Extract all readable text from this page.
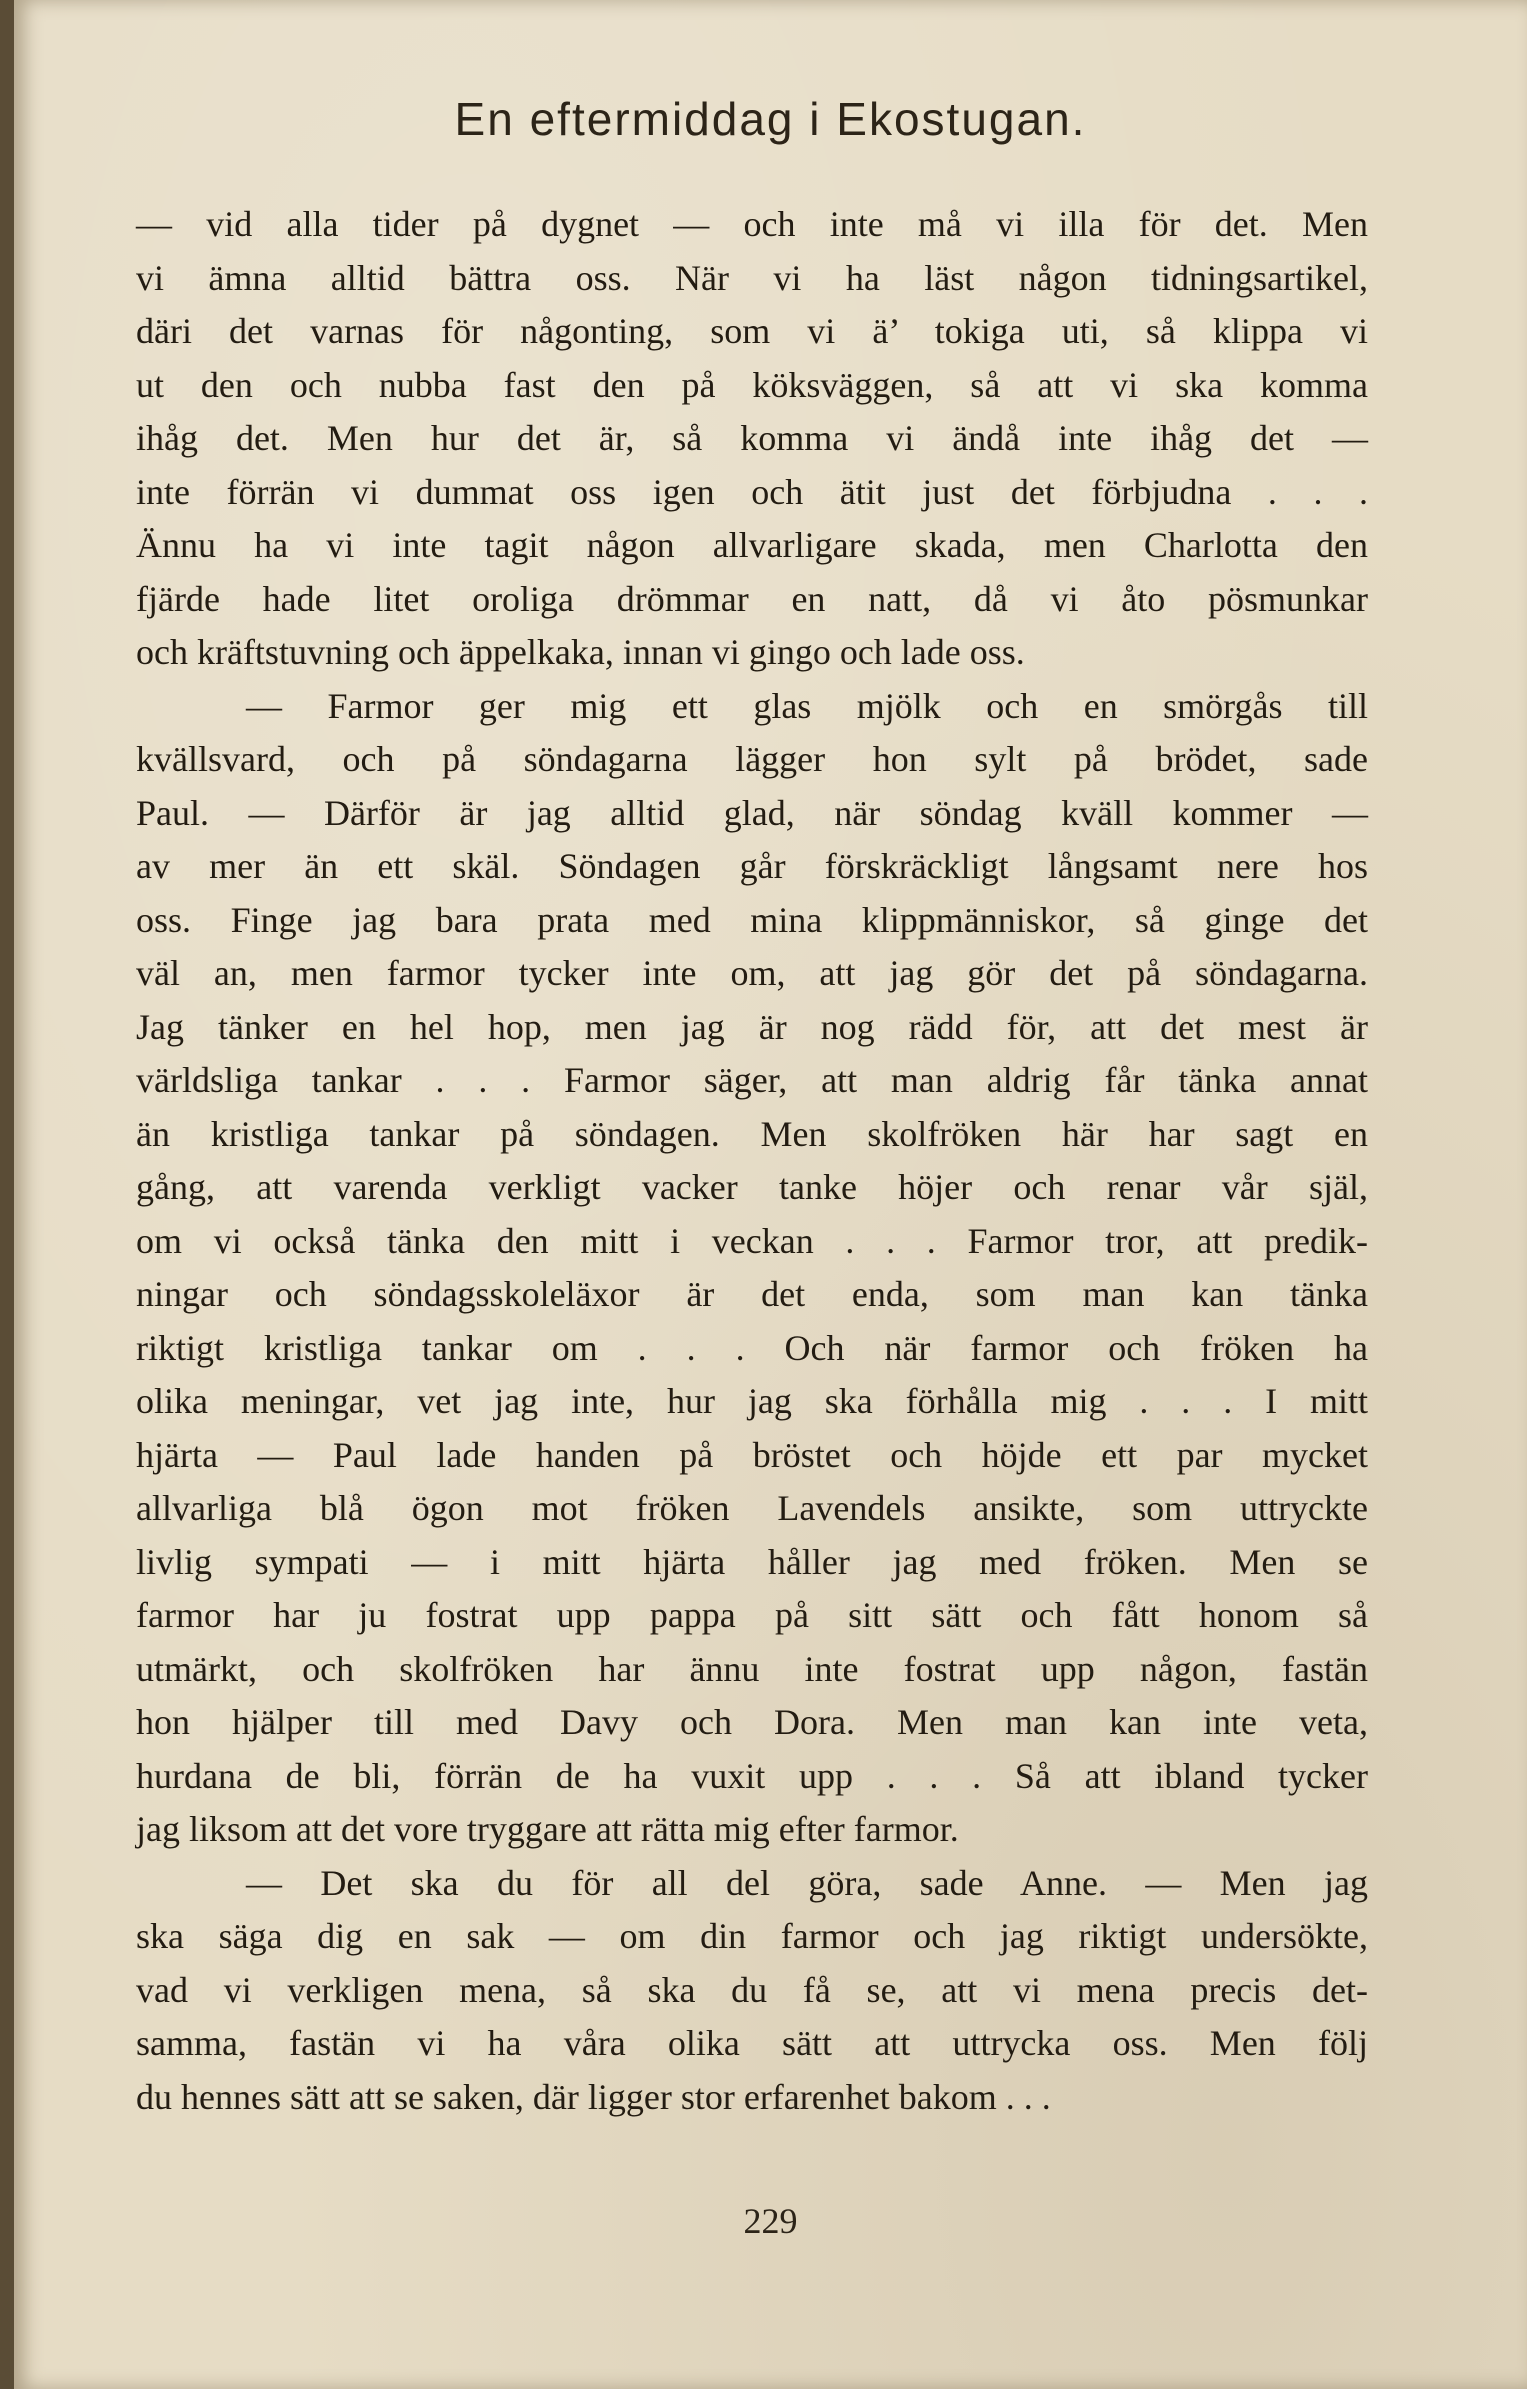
En eftermiddag i Ekostugan.
— vid alla tider på dygnet — och inte må vi illa för det. Men
vi ämna alltid bättra oss. När vi ha läst någon tidningsartikel,
däri det varnas för någonting, som vi ä’ tokiga uti, så klippa vi
ut den och nubba fast den på köksväggen, så att vi ska komma
ihåg det. Men hur det är, så komma vi ändå inte ihåg det —
inte förrän vi dummat oss igen och ätit just det förbjudna . . .
Ännu ha vi inte tagit någon allvarligare skada, men Charlotta den
fjärde hade litet oroliga drömmar en natt, då vi åto pösmunkar
och kräftstuvning och äppelkaka, innan vi gingo och lade oss.
— Farmor ger mig ett glas mjölk och en smörgås till
kvällsvard, och på söndagarna lägger hon sylt på brödet, sade
Paul. — Därför är jag alltid glad, när söndag kväll kommer —
av mer än ett skäl. Söndagen går förskräckligt långsamt nere hos
oss. Finge jag bara prata med mina klippmänniskor, så ginge det
väl an, men farmor tycker inte om, att jag gör det på söndagarna.
Jag tänker en hel hop, men jag är nog rädd för, att det mest är
världsliga tankar . . . Farmor säger, att man aldrig får tänka annat
än kristliga tankar på söndagen. Men skolfröken här har sagt en
gång, att varenda verkligt vacker tanke höjer och renar vår själ,
om vi också tänka den mitt i veckan . . . Farmor tror, att predik-
ningar och söndagsskoleläxor är det enda, som man kan tänka
riktigt kristliga tankar om . . . Och när farmor och fröken ha
olika meningar, vet jag inte, hur jag ska förhålla mig . . . I mitt
hjärta — Paul lade handen på bröstet och höjde ett par mycket
allvarliga blå ögon mot fröken Lavendels ansikte, som uttryckte
livlig sympati — i mitt hjärta håller jag med fröken. Men se
farmor har ju fostrat upp pappa på sitt sätt och fått honom så
utmärkt, och skolfröken har ännu inte fostrat upp någon, fastän
hon hjälper till med Davy och Dora. Men man kan inte veta,
hurdana de bli, förrän de ha vuxit upp . . . Så att ibland tycker
jag liksom att det vore tryggare att rätta mig efter farmor.
— Det ska du för all del göra, sade Anne. — Men jag
ska säga dig en sak — om din farmor och jag riktigt undersökte,
vad vi verkligen mena, så ska du få se, att vi mena precis det-
samma, fastän vi ha våra olika sätt att uttrycka oss. Men följ
du hennes sätt att se saken, där ligger stor erfarenhet bakom . . .
229
